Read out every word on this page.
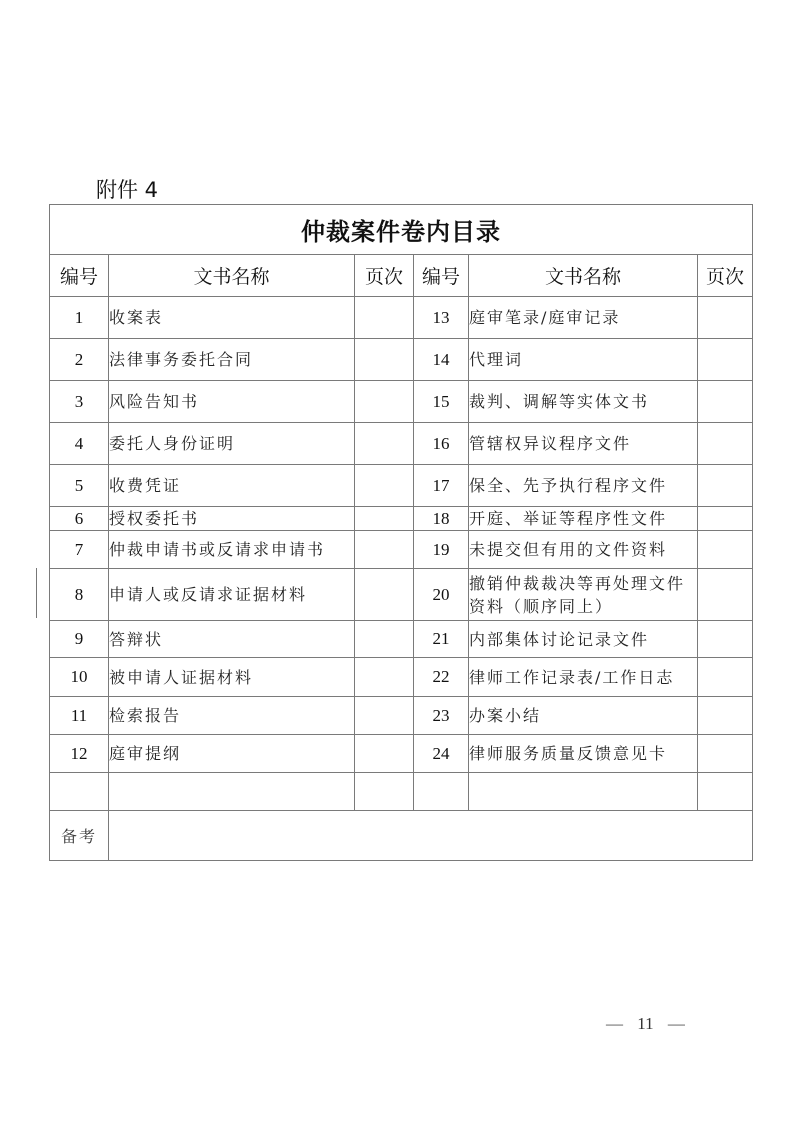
附件 4
仲裁案件卷内目录					
编号	文书名称	页次	编号	文书名称	页次
1	收案表		13	庭审笔录/庭审记录	
2	法律事务委托合同		14	代理词	
3	风险告知书		15	裁判、调解等实体文书	
4	委托人身份证明		16	管辖权异议程序文件	
5	收费凭证		17	保全、先予执行程序文件	
6	授权委托书		18	开庭、举证等程序性文件	
7	仲裁申请书或反请求申请书		19	未提交但有用的文件资料	
8	申请人或反请求证据材料		20	撤销仲裁裁决等再处理文件资料（顺序同上）	
9	答辩状		21	内部集体讨论记录文件	
10	被申请人证据材料		22	律师工作记录表/工作日志	
11	检索报告		23	办案小结	
12	庭审提纲		24	律师服务质量反馈意见卡	

备考					
— 11 —
